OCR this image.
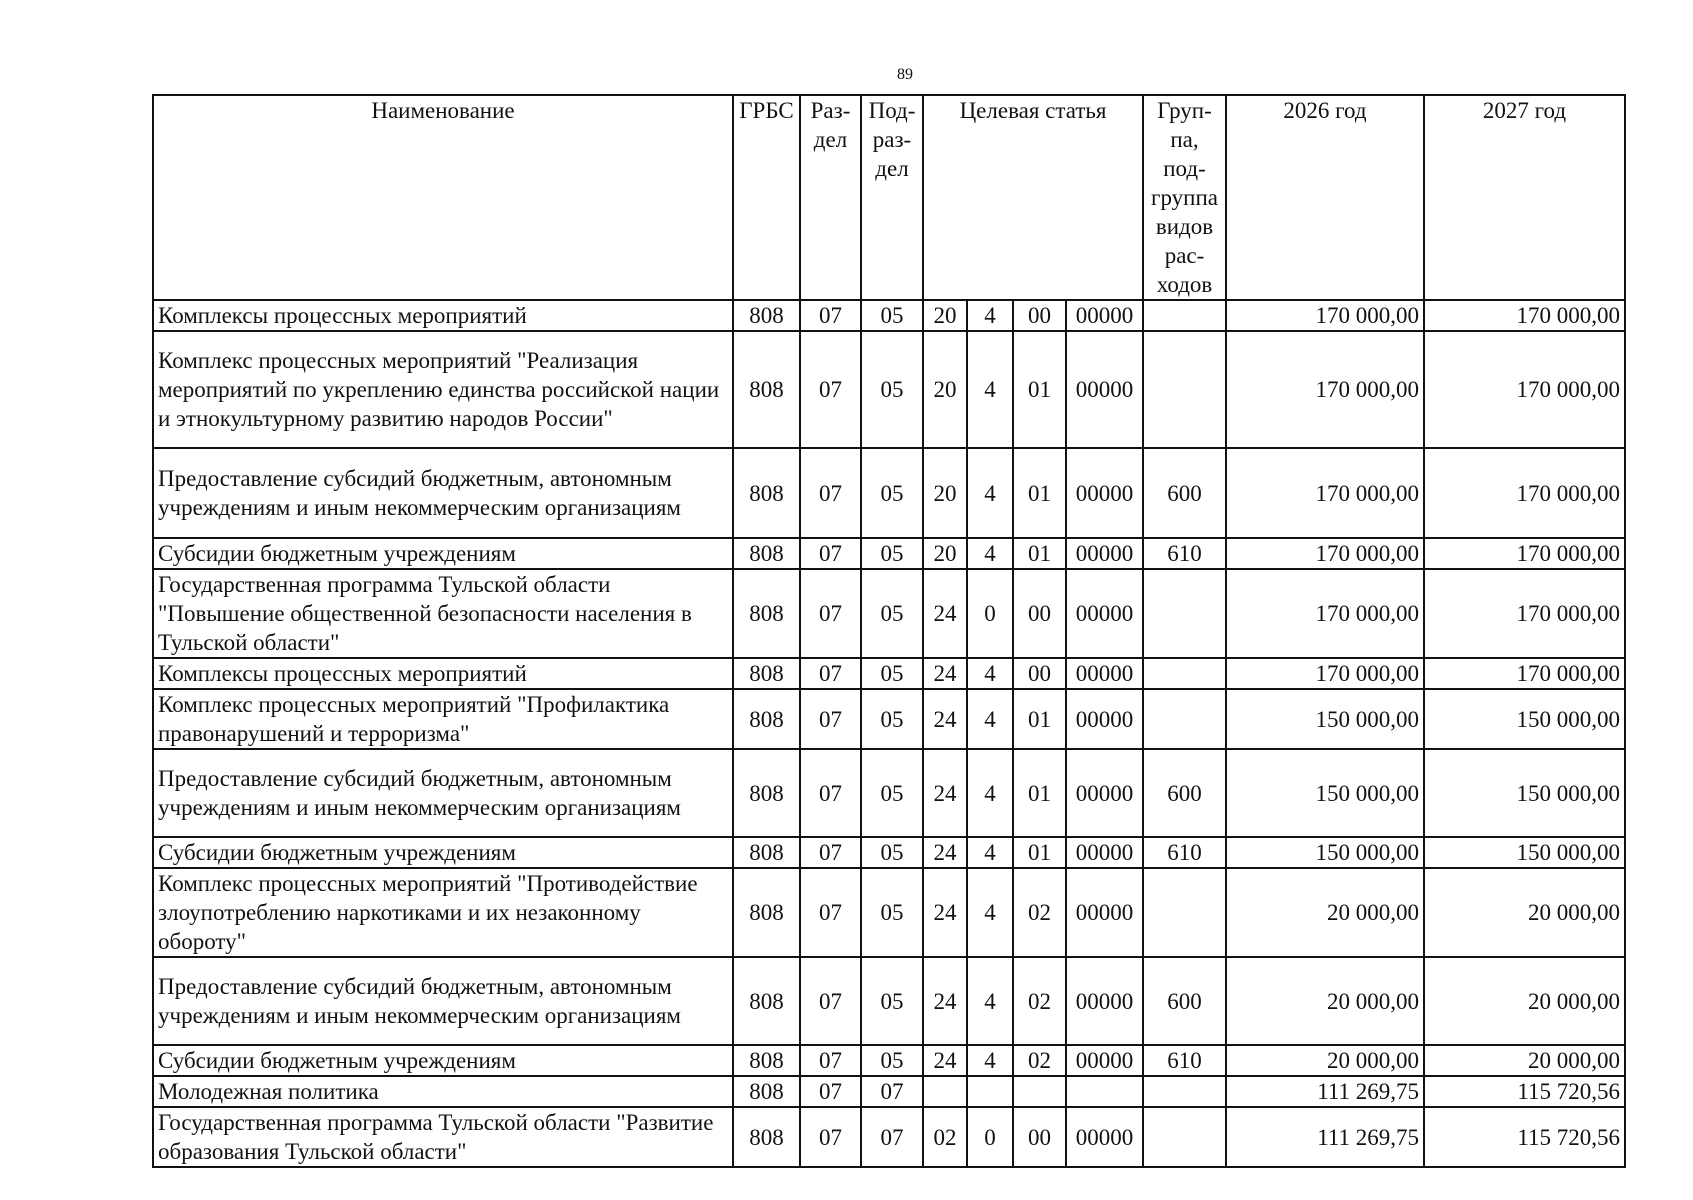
89
Наименование	ГРБС	Раз-дел	Под-раз-дел	Целевая статья				Груп-па, под-группа видов рас-ходов	2026 год	2027 год
Комплексы процессных мероприятий	808	07	05	20	4	00	00000		170 000,00	170 000,00
Комплекс процессных мероприятий "Реализация мероприятий по укреплению единства российской нации и этнокультурному развитию народов России"	808	07	05	20	4	01	00000		170 000,00	170 000,00
Предоставление субсидий бюджетным, автономным учреждениям и иным некоммерческим организациям	808	07	05	20	4	01	00000	600	170 000,00	170 000,00
Субсидии бюджетным учреждениям	808	07	05	20	4	01	00000	610	170 000,00	170 000,00
Государственная программа Тульской области "Повышение общественной безопасности населения в Тульской области"	808	07	05	24	0	00	00000		170 000,00	170 000,00
Комплексы процессных мероприятий	808	07	05	24	4	00	00000		170 000,00	170 000,00
Комплекс процессных мероприятий "Профилактика правонарушений и терроризма"	808	07	05	24	4	01	00000		150 000,00	150 000,00
Предоставление субсидий бюджетным, автономным учреждениям и иным некоммерческим организациям	808	07	05	24	4	01	00000	600	150 000,00	150 000,00
Субсидии бюджетным учреждениям	808	07	05	24	4	01	00000	610	150 000,00	150 000,00
Комплекс процессных мероприятий "Противодействие злоупотреблению наркотиками и их незаконному обороту"	808	07	05	24	4	02	00000		20 000,00	20 000,00
Предоставление субсидий бюджетным, автономным учреждениям и иным некоммерческим организациям	808	07	05	24	4	02	00000	600	20 000,00	20 000,00
Субсидии бюджетным учреждениям	808	07	05	24	4	02	00000	610	20 000,00	20 000,00
Молодежная политика	808	07	07						111 269,75	115 720,56
Государственная программа Тульской области "Развитие образования Тульской области"	808	07	07	02	0	00	00000		111 269,75	115 720,56
